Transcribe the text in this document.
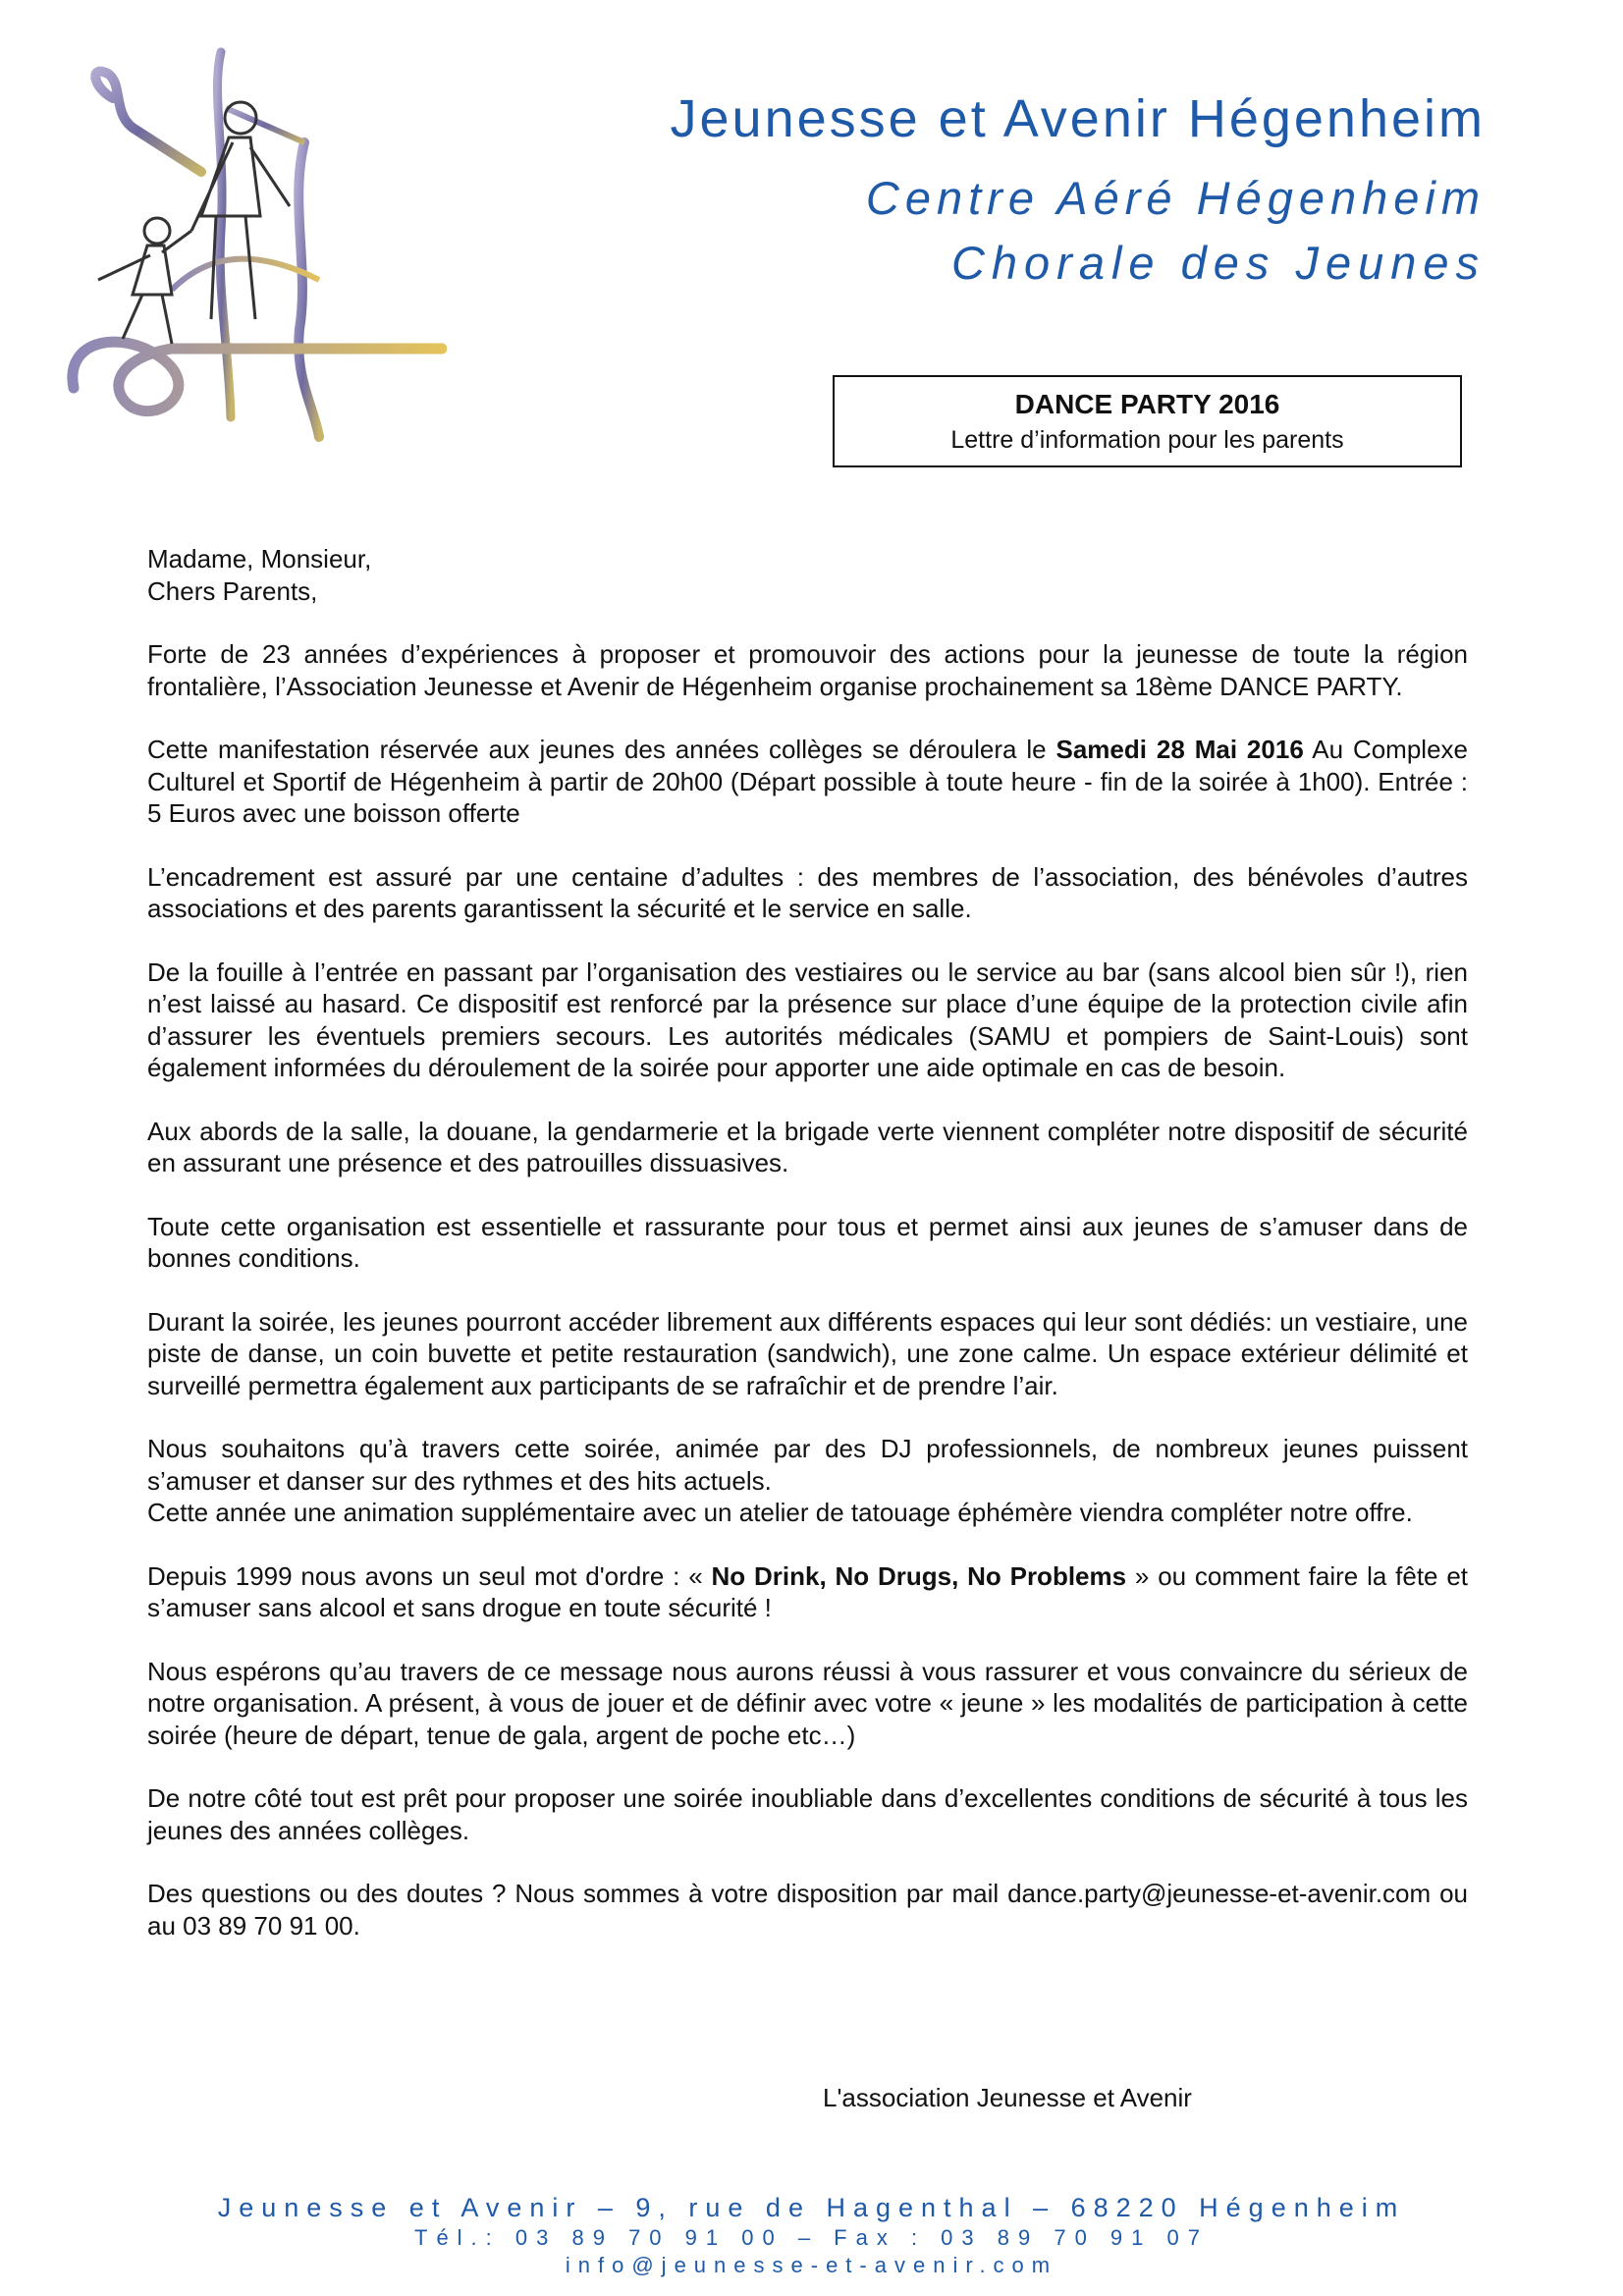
Jeunesse et Avenir Hégenheim
Centre Aéré Hégenheim
Chorale des Jeunes
DANCE PARTY 2016
Lettre d’information pour les parents

Madame, Monsieur,
Chers Parents,

Forte de 23 années d’expériences à proposer et promouvoir des actions pour la jeunesse de toute la région frontalière, l’Association Jeunesse et Avenir de Hégenheim organise prochainement sa 18ème DANCE PARTY.

Cette manifestation réservée aux jeunes des années collèges se déroulera le Samedi 28 Mai 2016 Au Complexe Culturel et Sportif de Hégenheim à partir de 20h00 (Départ possible à toute heure - fin de la soirée à 1h00). Entrée : 5 Euros avec une boisson offerte

L’encadrement est assuré par une centaine d’adultes : des membres de l’association, des bénévoles d’autres associations et des parents garantissent la sécurité et le service en salle.

De la fouille à l’entrée en passant par l’organisation des vestiaires ou le service au bar (sans alcool bien sûr !), rien n’est laissé au hasard. Ce dispositif est renforcé par la présence sur place d’une équipe de la protection civile afin d’assurer les éventuels premiers secours. Les autorités médicales (SAMU et pompiers de Saint-Louis) sont également informées du déroulement de la soirée pour apporter une aide optimale en cas de besoin.

Aux abords de la salle, la douane, la gendarmerie et la brigade verte viennent compléter notre dispositif de sécurité en assurant une présence et des patrouilles dissuasives.

Toute cette organisation est essentielle et rassurante pour tous et permet ainsi aux jeunes de s’amuser dans de bonnes conditions.

Durant la soirée, les jeunes pourront accéder librement aux différents espaces qui leur sont dédiés: un vestiaire, une piste de danse, un coin buvette et petite restauration (sandwich), une zone calme. Un espace extérieur délimité et surveillé permettra également aux participants de se rafraîchir et de prendre l’air.

Nous souhaitons qu’à travers cette soirée, animée par des DJ professionnels, de nombreux jeunes puissent s’amuser et danser sur des rythmes et des hits actuels.

Cette année une animation supplémentaire avec un atelier de tatouage éphémère viendra compléter notre offre.

Depuis 1999 nous avons un seul mot d'ordre : « No Drink, No Drugs, No Problems » ou comment faire la fête et s’amuser sans alcool et sans drogue en toute sécurité !

Nous espérons qu’au travers de ce message nous aurons réussi à vous rassurer et vous convaincre du sérieux de notre organisation. A présent, à vous de jouer et de définir avec votre « jeune » les modalités de participation à cette soirée (heure de départ, tenue de gala, argent de poche etc…)

De notre côté tout est prêt pour proposer une soirée inoubliable dans d’excellentes conditions de sécurité à tous les jeunes des années collèges.

Des questions ou des doutes ? Nous sommes à votre disposition par mail dance.party@jeunesse-et-avenir.com ou au 03 89 70 91 00.

L'association Jeunesse et Avenir
Jeunesse et Avenir – 9, rue de Hagenthal – 68220 Hégenheim
Tél.: 03 89 70 91 00 – Fax : 03 89 70 91 07
info@jeunesse-et-avenir.com
